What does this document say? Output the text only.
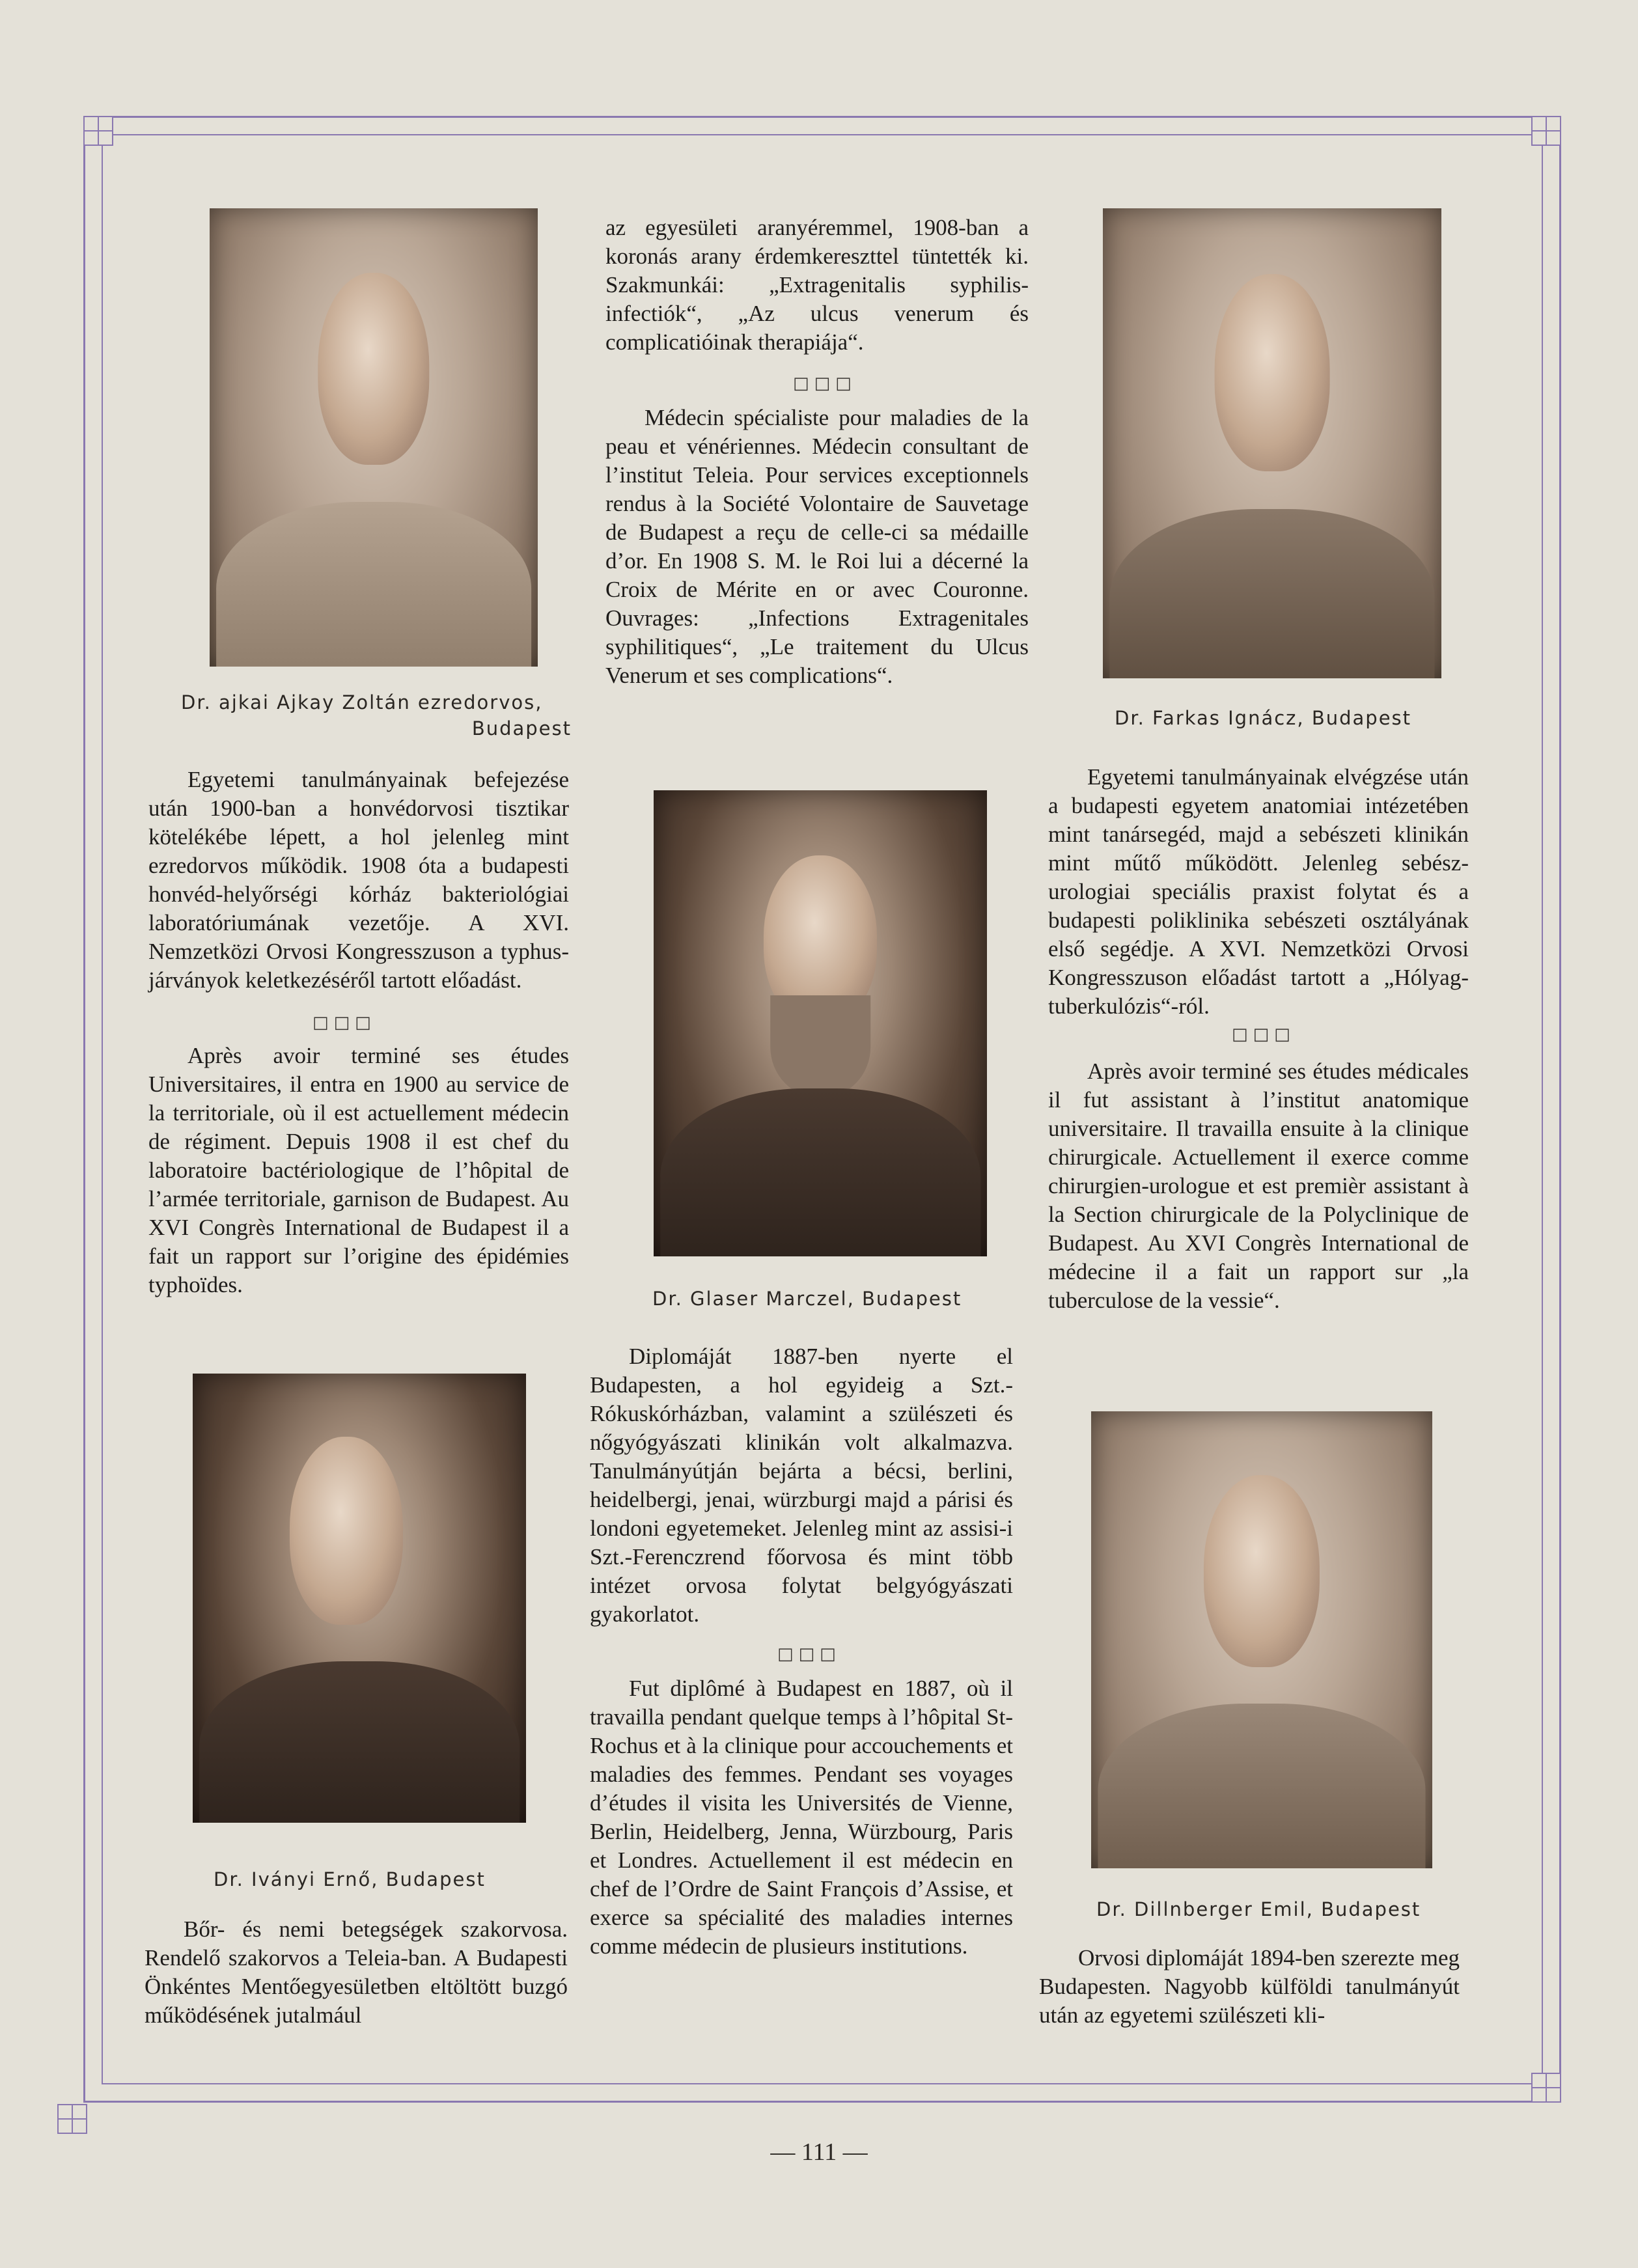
Dr. ajkai Ajkay Zoltán ezredorvos,
Budapest

Egyetemi tanulmányainak befejezése után 1900-ban a honvédorvosi tisztikar kötelékébe lépett, a hol jelenleg mint ezredorvos működik. 1908 óta a budapesti honvéd-helyőrségi kórház bakteriológiai laboratóriumának vezetője. A XVI. Nemzetközi Orvosi Kongresszuson a typhus-járványok keletkezéséről tartott előadást.

□□□

Après avoir terminé ses études Universitaires, il entra en 1900 au service de la territoriale, où il est actuellement médecin de régiment. Depuis 1908 il est chef du laboratoire bactériologique de l’hôpital de l’armée territoriale, garnison de Budapest. Au XVI Congrès International de Budapest il a fait un rapport sur l’origine des épidémies typhoïdes.

Dr. Iványi Ernő, Budapest

Bőr- és nemi betegségek szakorvosa. Rendelő szakorvos a Teleia-ban. A Budapesti Önkéntes Mentőegyesületben eltöltött buzgó működésének jutalmául

az egyesületi aranyéremmel, 1908-ban a koronás arany érdemkereszttel tüntették ki. Szakmunkái: „Extragenitalis syphilis-infectiók“, „Az ulcus venerum és complicatióinak therapiája“.

□□□

Médecin spécialiste pour maladies de la peau et vénériennes. Médecin consultant de l’institut Teleia. Pour services exceptionnels rendus à la Société Volontaire de Sauvetage de Budapest a reçu de celle-ci sa médaille d’or. En 1908 S. M. le Roi lui a décerné la Croix de Mérite en or avec Couronne. Ouvrages: „Infections Extragenitales syphilitiques“, „Le traitement du Ulcus Venerum et ses complications“.

Dr. Glaser Marczel, Budapest

Diplomáját 1887-ben nyerte el Budapesten, a hol egyideig a Szt.-Rókuskórházban, valamint a szülészeti és nőgyógyászati klinikán volt alkalmazva. Tanulmányútján bejárta a bécsi, berlini, heidelbergi, jenai, würzburgi majd a párisi és londoni egyetemeket. Jelenleg mint az assisi-i Szt.-Ferenczrend főorvosa és mint több intézet orvosa folytat belgyógyászati gyakorlatot.

□□□

Fut diplômé à Budapest en 1887, où il travailla pendant quelque temps à l’hôpital St-Rochus et à la clinique pour accouchements et maladies des femmes. Pendant ses voyages d’études il visita les Universités de Vienne, Berlin, Heidelberg, Jenna, Würzbourg, Paris et Londres. Actuellement il est médecin en chef de l’Ordre de Saint François d’Assise, et exerce sa spécialité des maladies internes comme médecin de plusieurs institutions.

Dr. Farkas Ignácz, Budapest

Egyetemi tanulmányainak elvégzése után a budapesti egyetem anatomiai intézetében mint tanársegéd, majd a sebészeti klinikán mint műtő működött. Jelenleg sebész-urologiai speciális praxist folytat és a budapesti poliklinika sebészeti osztályának első segédje. A XVI. Nemzetközi Orvosi Kongresszuson előadást tartott a „Hólyag-tuberkulózis“-ról.

□□□

Après avoir terminé ses études médicales il fut assistant à l’institut anatomique universitaire. Il travailla ensuite à la clinique chirurgicale. Actuellement il exerce comme chirurgien-urologue et est premièr assistant à la Section chirurgicale de la Polyclinique de Budapest. Au XVI Congrès International de médecine il a fait un rapport sur „la tuberculose de la vessie“.

Dr. Dillnberger Emil, Budapest

Orvosi diplomáját 1894-ben szerezte meg Budapesten. Nagyobb külföldi tanulmányút után az egyetemi szülészeti kli-

— 111 —
